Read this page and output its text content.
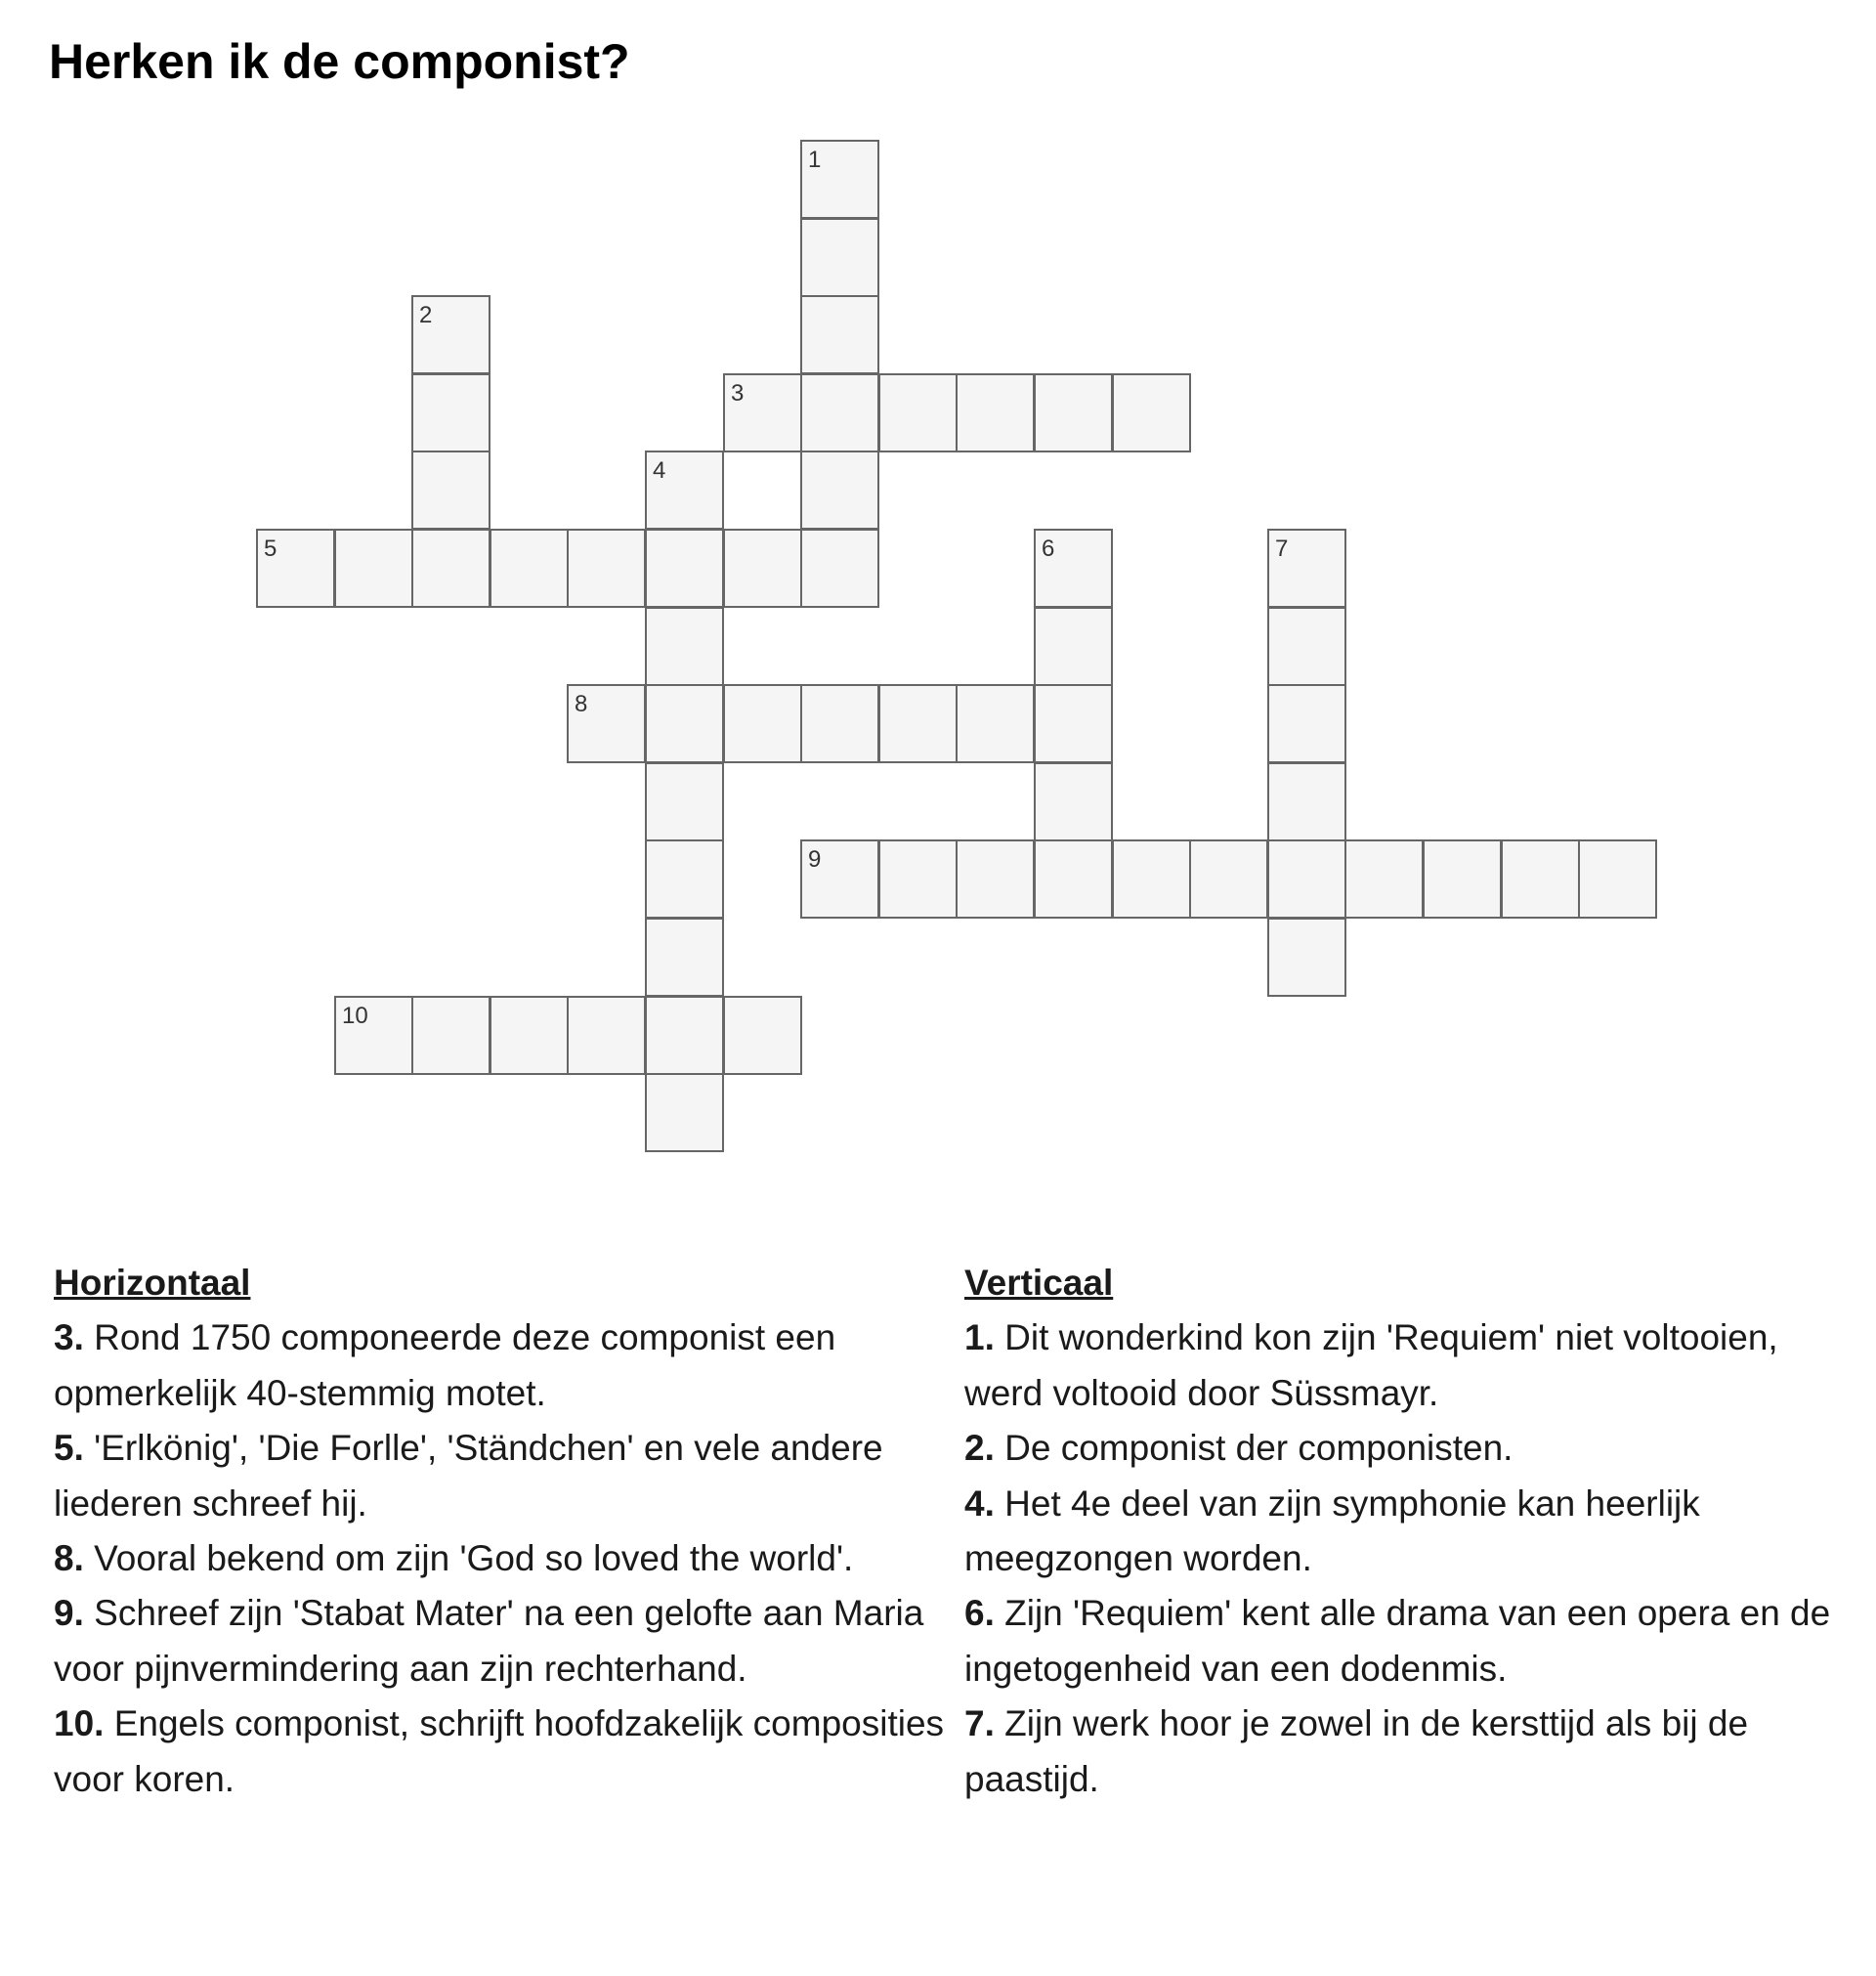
Herken ik de componist?
1
2
3
4
5	6	7
8
9
10
Horizontaal

3. Rond 1750 componeerde deze componist een opmerkelijk 40-stemmig motet.

5. 'Erlkönig', 'Die Forlle', 'Ständchen' en vele andere liederen schreef hij.

8. Vooral bekend om zijn 'God so loved the world'.

9. Schreef zijn 'Stabat Mater' na een gelofte aan Maria voor pijnvermindering aan zijn rechterhand.

10. Engels componist, schrijft hoofdzakelijk composities voor koren.

Verticaal

1. Dit wonderkind kon zijn 'Requiem' niet voltooien, werd voltooid door Süssmayr.

2. De componist der componisten.

4. Het 4e deel van zijn symphonie kan heerlijk meegzongen worden.

6. Zijn 'Requiem' kent alle drama van een opera en de ingetogenheid van een dodenmis.

7. Zijn werk hoor je zowel in de kersttijd als bij de paastijd.
